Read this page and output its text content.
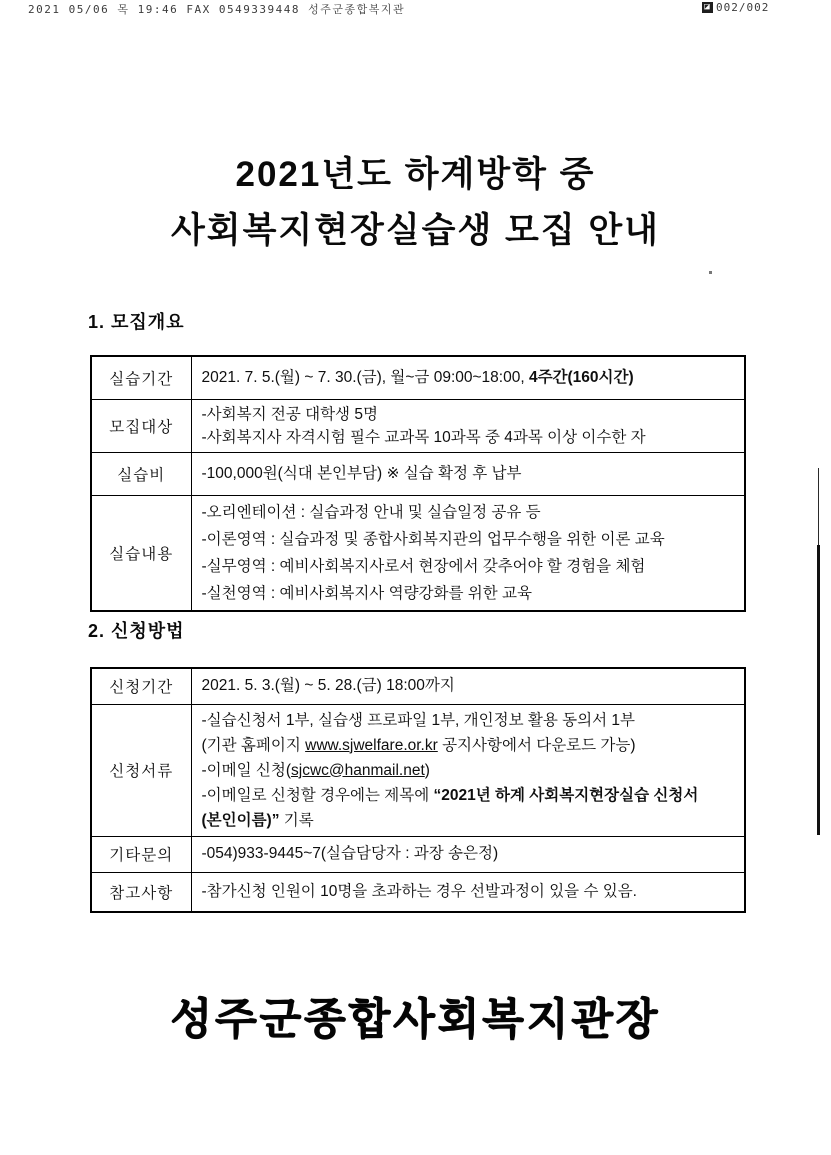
2021 05/06 목 19:46 FAX 0549339448 성주군종합복지관	◪ 002/002
2021년도 하계방학 중
사회복지현장실습생 모집 안내
1. 모집개요
실습기간	2021. 7. 5.(월) ~ 7. 30.(금), 월~금 09:00~18:00, 4주간(160시간)

모집대상	-사회복지 전공 대학생 5명
-사회복지사 자격시험 필수 교과목 10과목 중 4과목 이상 이수한 자

실습비	-100,000원(식대 본인부담) ※ 실습 확정 후 납부

실습내용	-오리엔테이션 : 실습과정 안내 및 실습일정 공유 등
-이론영역 : 실습과정 및 종합사회복지관의 업무수행을 위한 이론 교육
-실무영역 : 예비사회복지사로서 현장에서 갖추어야 할 경험을 체험
-실천영역 : 예비사회복지사 역량강화를 위한 교육
2. 신청방법
신청기간	2021. 5. 3.(월) ~ 5. 28.(금) 18:00까지

신청서류	-실습신청서 1부, 실습생 프로파일 1부, 개인정보 활용 동의서 1부
(기관 홈페이지 www.sjwelfare.or.kr 공지사항에서 다운로드 가능)
-이메일 신청(sjcwc@hanmail.net)
-이메일로 신청할 경우에는 제목에 “2021년 하계 사회복지현장실습 신청서
(본인이름)” 기록

기타문의	-054)933-9445~7(실습담당자 : 과장 송은정)

참고사항	-참가신청 인원이 10명을 초과하는 경우 선발과정이 있을 수 있음.
성주군종합사회복지관장
